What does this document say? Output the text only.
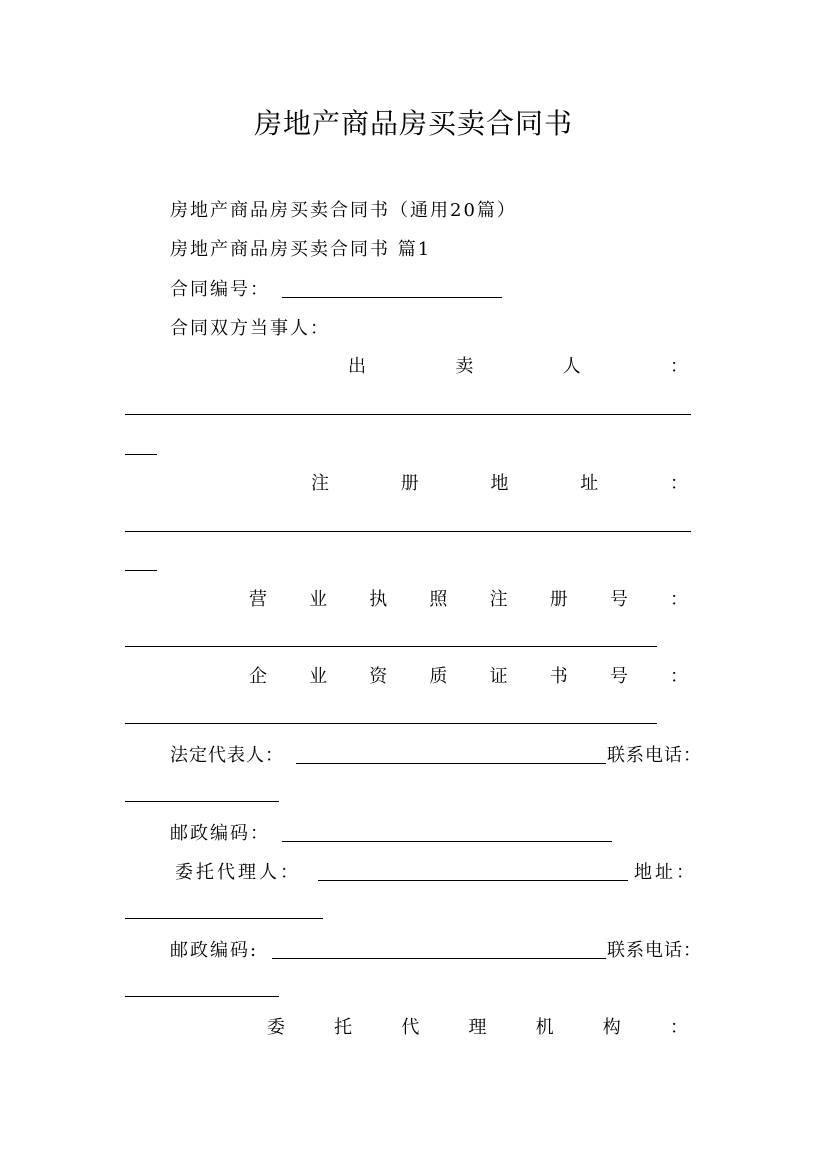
房地产商品房买卖合同书
房地产商品房买卖合同书（通用20篇）
房地产商品房买卖合同书 篇1
合同编号：
合同双方当事人：
出	卖	人	：
注	册	地	址	：
营 业 执 照 注 册 号 ：
企 业 资 质 证 书 号 ：
法定代表人：	联系电话：
邮政编码：
委托代理人：	地址：
邮政编码:	联系电话：
委	托	代	理	机	构	：
